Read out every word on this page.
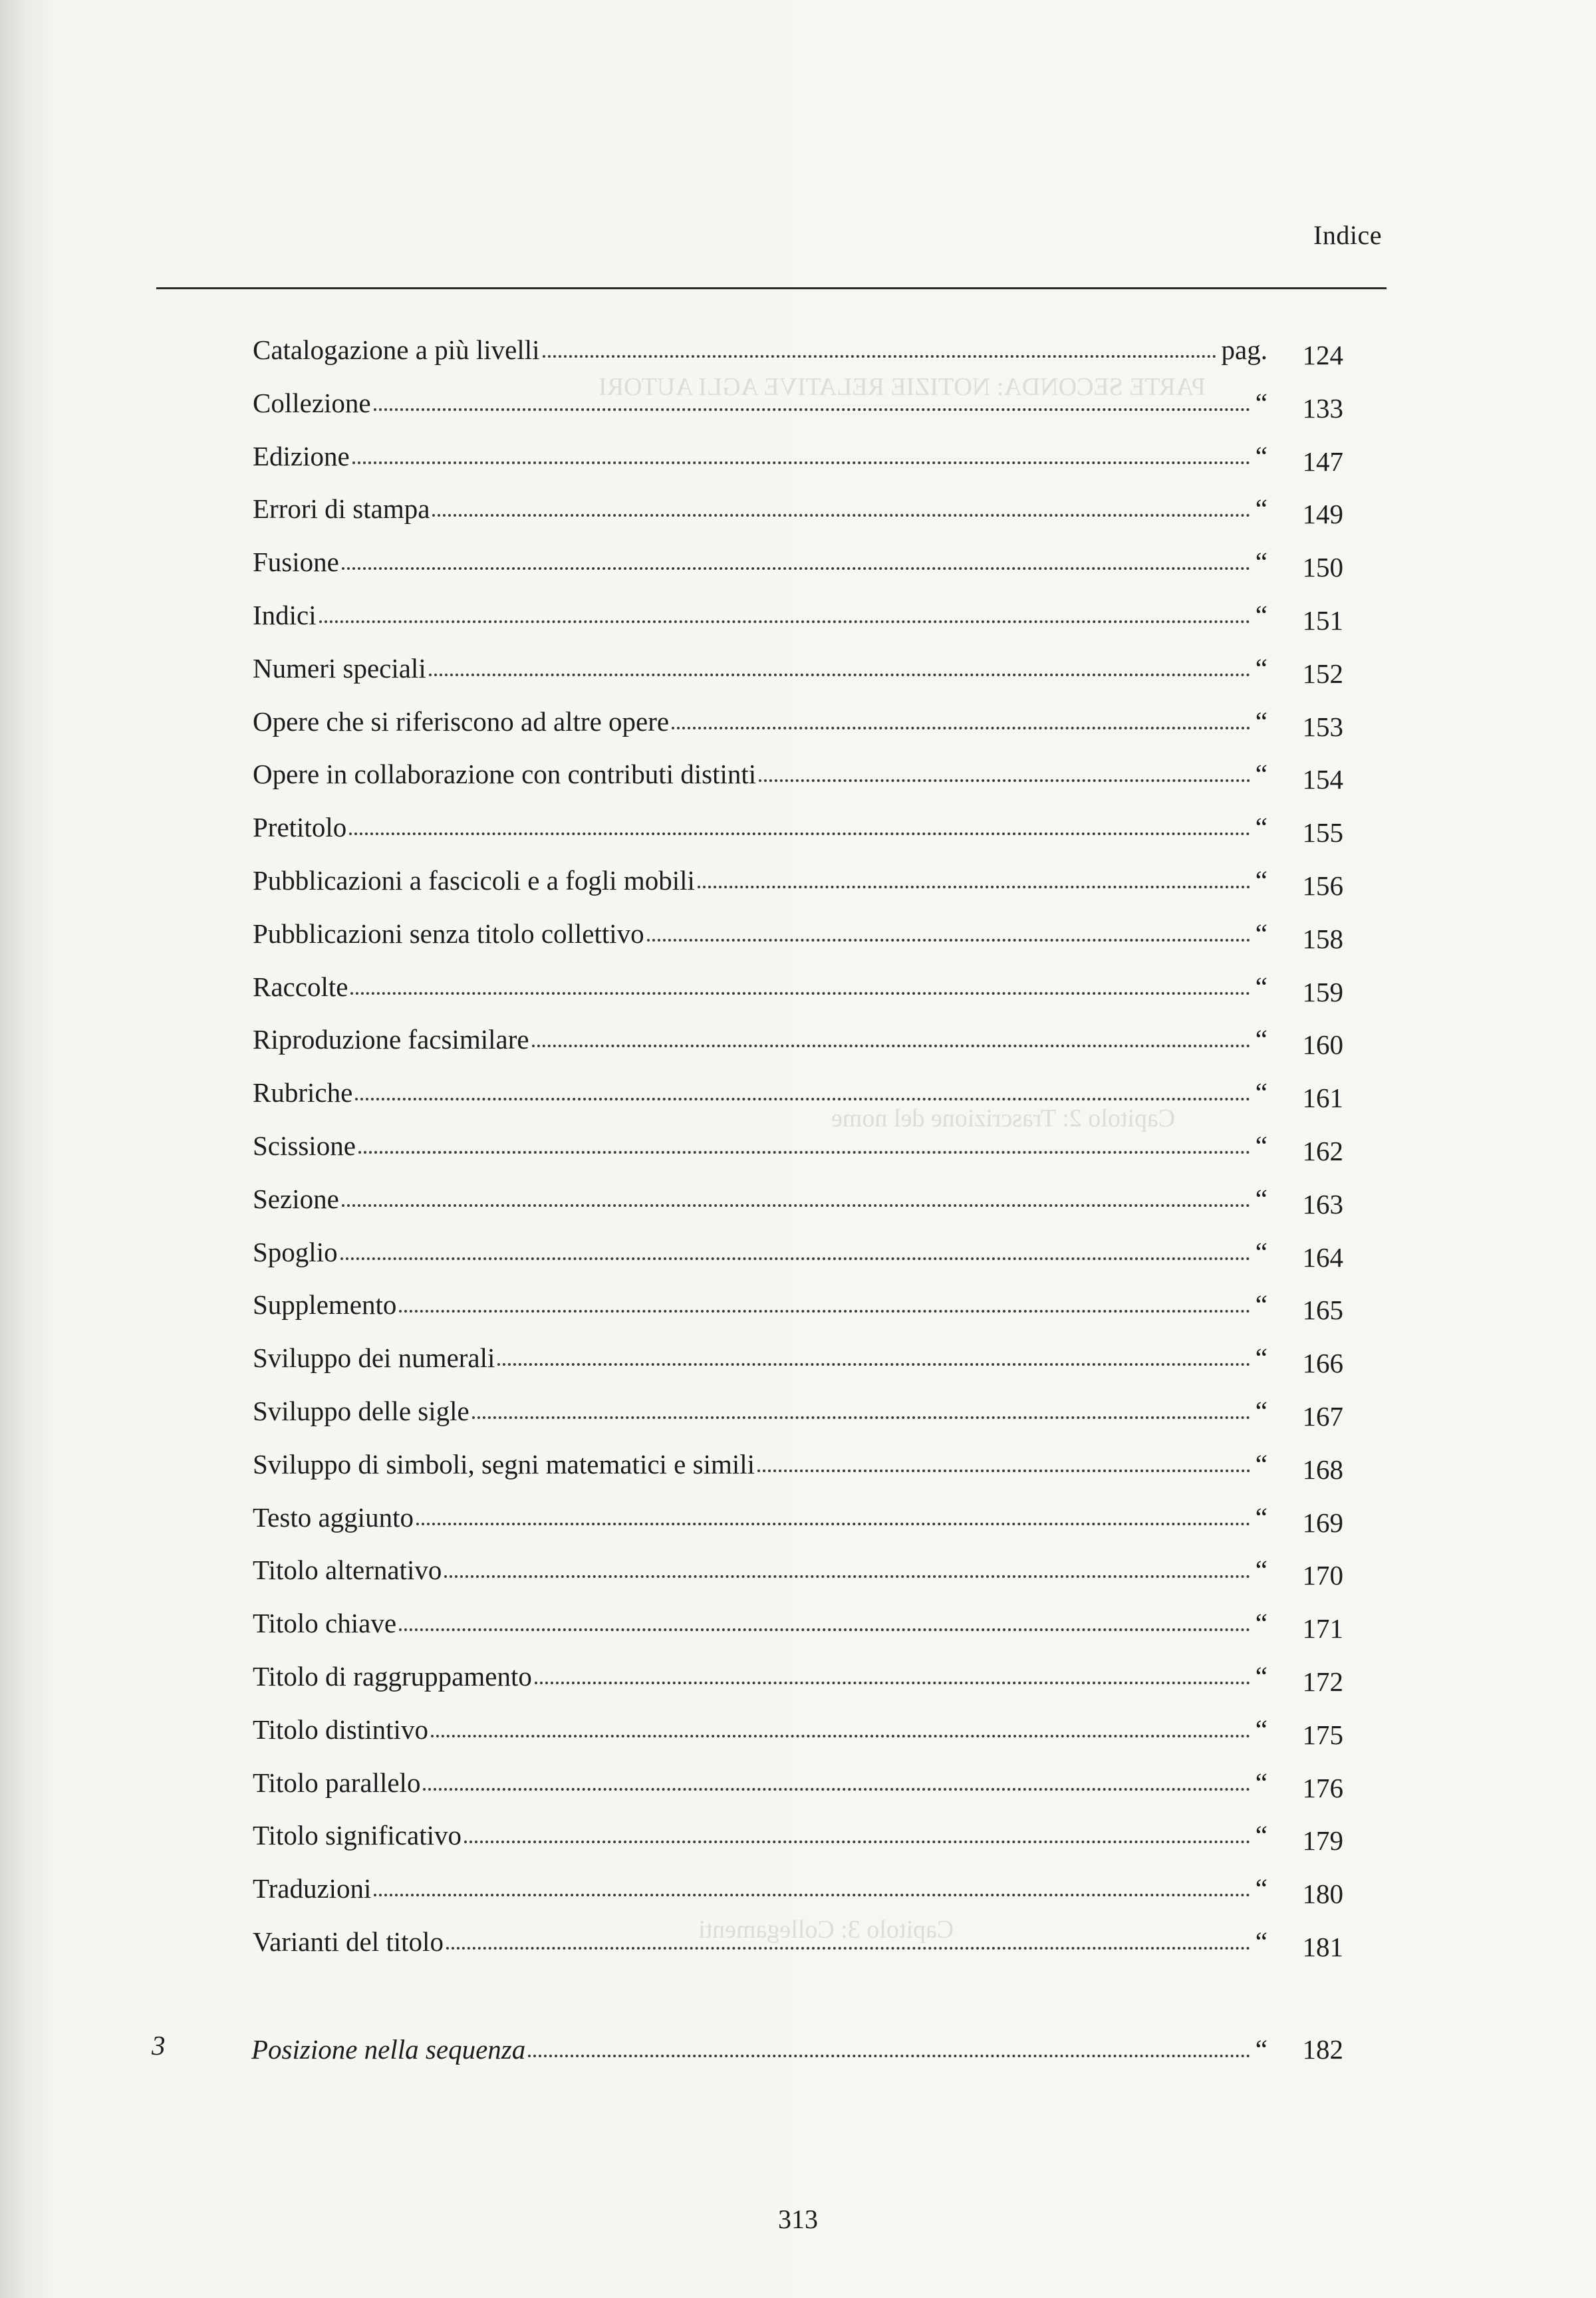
PARTE SECONDA: NOTIZIE RELATIVE AGLI AUTORI
Capitolo 2: Trascrizione del nome
Capitolo 3: Collegamenti
Indice
Catalogazione a più livelli	pag.	124
Collezione	“	133
Edizione	“	147
Errori di stampa	“	149
Fusione	“	150
Indici	“	151
Numeri speciali	“	152
Opere che si riferiscono ad altre opere	“	153
Opere in collaborazione con contributi distinti	“	154
Pretitolo	“	155
Pubblicazioni a fascicoli e a fogli mobili	“	156
Pubblicazioni senza titolo collettivo	“	158
Raccolte	“	159
Riproduzione facsimilare	“	160
Rubriche	“	161
Scissione	“	162
Sezione	“	163
Spoglio	“	164
Supplemento	“	165
Sviluppo dei numerali	“	166
Sviluppo delle sigle	“	167
Sviluppo di simboli, segni matematici e simili	“	168
Testo aggiunto	“	169
Titolo alternativo	“	170
Titolo chiave	“	171
Titolo di raggruppamento	“	172
Titolo distintivo	“	175
Titolo parallelo	“	176
Titolo significativo	“	179
Traduzioni	“	180
Varianti del titolo	“	181
3	Posizione nella sequenza	“	182
313
